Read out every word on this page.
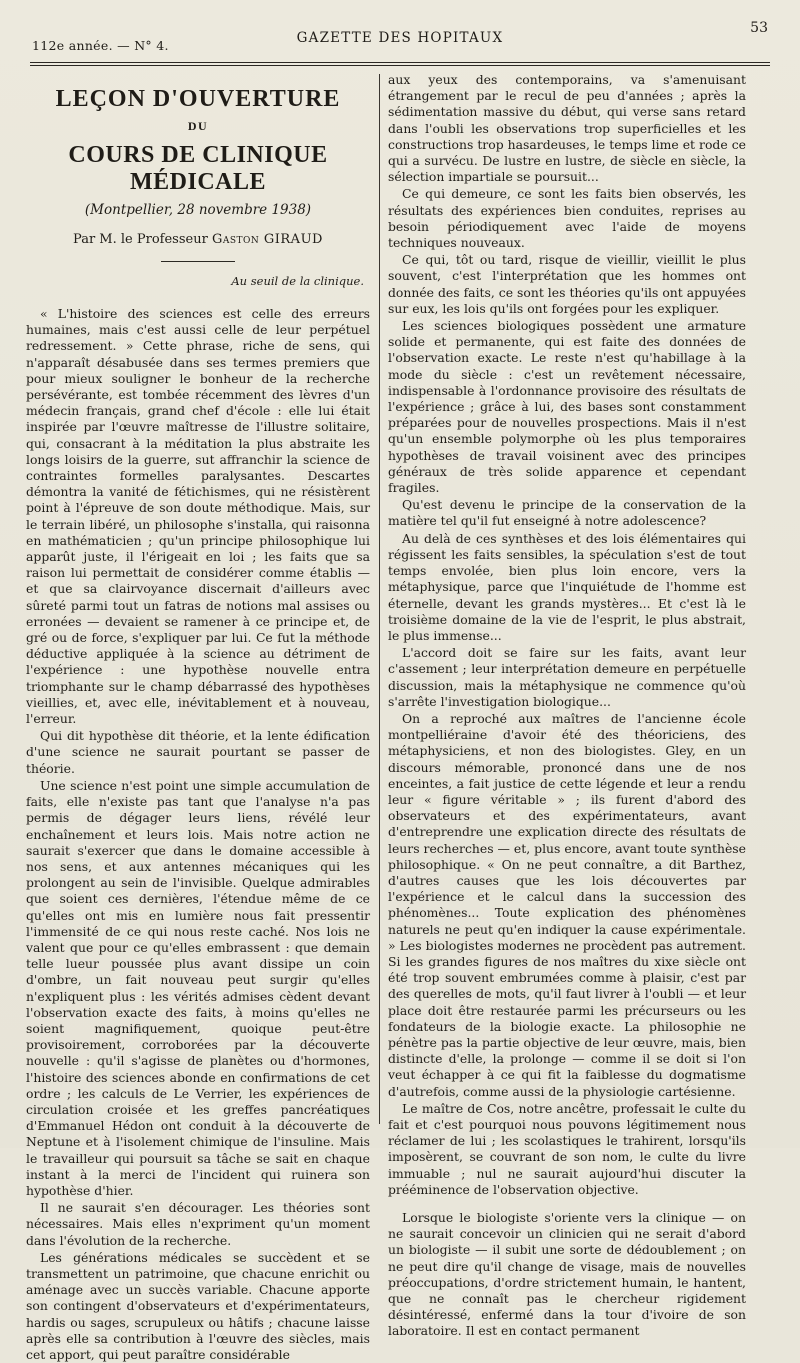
112e année. — N° 4.	GAZETTE DES HOPITAUX
53
LEÇON D'OUVERTURE
DU
COURS DE CLINIQUE MÉDICALE
(Montpellier, 28 novembre 1938)
Par M. le Professeur Gaston GIRAUD
Au seuil de la clinique.

« L'histoire des sciences est celle des erreurs humaines, mais c'est aussi celle de leur perpétuel redressement. » Cette phrase, riche de sens, qui n'apparaît désabusée dans ses termes premiers que pour mieux souligner le bonheur de la recherche persévérante, est tombée récemment des lèvres d'un médecin français, grand chef d'école : elle lui était inspirée par l'œuvre maîtresse de l'illustre solitaire, qui, consacrant à la méditation la plus abstraite les longs loisirs de la guerre, sut affranchir la science de contraintes formelles paralysantes. Descartes démontra la vanité de fétichismes, qui ne résistèrent point à l'épreuve de son doute méthodique. Mais, sur le terrain libéré, un philosophe s'installa, qui raisonna en mathématicien ; qu'un principe philosophique lui apparût juste, il l'érigeait en loi ; les faits que sa raison lui permettait de considérer comme établis — et que sa clairvoyance discernait d'ailleurs avec sûreté parmi tout un fatras de notions mal assises ou erronées — devaient se ramener à ce principe et, de gré ou de force, s'expliquer par lui. Ce fut la méthode déductive appliquée à la science au détriment de l'expérience : une hypothèse nouvelle entra triomphante sur le champ débarrassé des hypothèses vieillies, et, avec elle, inévitablement et à nouveau, l'erreur.

Qui dit hypothèse dit théorie, et la lente édification d'une science ne saurait pourtant se passer de théorie.

Une science n'est point une simple accumulation de faits, elle n'existe pas tant que l'analyse n'a pas permis de dégager leurs liens, révélé leur enchaînement et leurs lois. Mais notre action ne saurait s'exercer que dans le domaine accessible à nos sens, et aux antennes mécaniques qui les prolongent au sein de l'invisible. Quelque admirables que soient ces dernières, l'étendue même de ce qu'elles ont mis en lumière nous fait pressentir l'immensité de ce qui nous reste caché. Nos lois ne valent que pour ce qu'elles embrassent : que demain telle lueur poussée plus avant dissipe un coin d'ombre, un fait nouveau peut surgir qu'elles n'expliquent plus : les vérités admises cèdent devant l'observation exacte des faits, à moins qu'elles ne soient magnifiquement, quoique peut-être provisoirement, corroborées par la découverte nouvelle : qu'il s'agisse de planètes ou d'hormones, l'histoire des sciences abonde en confirmations de cet ordre ; les calculs de Le Verrier, les expériences de circulation croisée et les greffes pancréatiques d'Emmanuel Hédon ont conduit à la découverte de Neptune et à l'isolement chimique de l'insuline. Mais le travailleur qui poursuit sa tâche se sait en chaque instant à la merci de l'incident qui ruinera son hypothèse d'hier.

Il ne saurait s'en décourager. Les théories sont nécessaires. Mais elles n'expriment qu'un moment dans l'évolution de la recherche.

Les générations médicales se succèdent et se transmettent un patrimoine, que chacune enrichit ou aménage avec un succès variable. Chacune apporte son contingent d'observateurs et d'expérimentateurs, hardis ou sages, scrupuleux ou hâtifs ; chacune laisse après elle sa contribution à l'œuvre des siècles, mais cet apport, qui peut paraître considérable

aux yeux des contemporains, va s'amenuisant étrangement par le recul de peu d'années ; après la sédimentation massive du début, qui verse sans retard dans l'oubli les observations trop superficielles et les constructions trop hasardeuses, le temps lime et rode ce qui a survécu. De lustre en lustre, de siècle en siècle, la sélection impartiale se poursuit...

Ce qui demeure, ce sont les faits bien observés, les résultats des expériences bien conduites, reprises au besoin périodiquement avec l'aide de moyens techniques nouveaux.

Ce qui, tôt ou tard, risque de vieillir, vieillit le plus souvent, c'est l'interprétation que les hommes ont donnée des faits, ce sont les théories qu'ils ont appuyées sur eux, les lois qu'ils ont forgées pour les expliquer.

Les sciences biologiques possèdent une armature solide et permanente, qui est faite des données de l'observation exacte. Le reste n'est qu'habillage à la mode du siècle : c'est un revêtement nécessaire, indispensable à l'ordonnance provisoire des résultats de l'expérience ; grâce à lui, des bases sont constamment préparées pour de nouvelles prospections. Mais il n'est qu'un ensemble polymorphe où les plus temporaires hypothèses de travail voisinent avec des principes généraux de très solide apparence et cependant fragiles.

Qu'est devenu le principe de la conservation de la matière tel qu'il fut enseigné à notre adolescence?

Au delà de ces synthèses et des lois élémentaires qui régissent les faits sensibles, la spéculation s'est de tout temps envolée, bien plus loin encore, vers la métaphysique, parce que l'inquiétude de l'homme est éternelle, devant les grands mystères... Et c'est là le troisième domaine de la vie de l'esprit, le plus abstrait, le plus immense...

L'accord doit se faire sur les faits, avant leur c'assement ; leur interprétation demeure en perpétuelle discussion, mais la métaphysique ne commence qu'où s'arrête l'investigation biologique...

On a reproché aux maîtres de l'ancienne école montpelliéraine d'avoir été des théoriciens, des métaphysiciens, et non des biologistes. Gley, en un discours mémorable, prononcé dans une de nos enceintes, a fait justice de cette légende et leur a rendu leur « figure véritable » ; ils furent d'abord des observateurs et des expérimentateurs, avant d'entreprendre une explication directe des résultats de leurs recherches — et, plus encore, avant toute synthèse philosophique. « On ne peut connaître, a dit Barthez, d'autres causes que les lois découvertes par l'expérience et le calcul dans la succession des phénomènes... Toute explication des phénomènes naturels ne peut qu'en indiquer la cause expérimentale. » Les biologistes modernes ne procèdent pas autrement. Si les grandes figures de nos maîtres du xixe siècle ont été trop souvent embrumées comme à plaisir, c'est par des querelles de mots, qu'il faut livrer à l'oubli — et leur place doit être restaurée parmi les précurseurs ou les fondateurs de la biologie exacte. La philosophie ne pénètre pas la partie objective de leur œuvre, mais, bien distincte d'elle, la prolonge — comme il se doit si l'on veut échapper à ce qui fit la faiblesse du dogmatisme d'autrefois, comme aussi de la physiologie cartésienne.

Le maître de Cos, notre ancêtre, professait le culte du fait et c'est pourquoi nous pouvons légitimement nous réclamer de lui ; les scolastiques le trahirent, lorsqu'ils imposèrent, se couvrant de son nom, le culte du livre immuable ; nul ne saurait aujourd'hui discuter la prééminence de l'observation objective.

Lorsque le biologiste s'oriente vers la clinique — on ne saurait concevoir un clinicien qui ne serait d'abord un biologiste — il subit une sorte de dédoublement ; on ne peut dire qu'il change de visage, mais de nouvelles préoccupations, d'ordre strictement humain, le hantent, que ne connaît pas le chercheur rigidement désintéressé, enfermé dans la tour d'ivoire de son laboratoire. Il est en contact permanent
